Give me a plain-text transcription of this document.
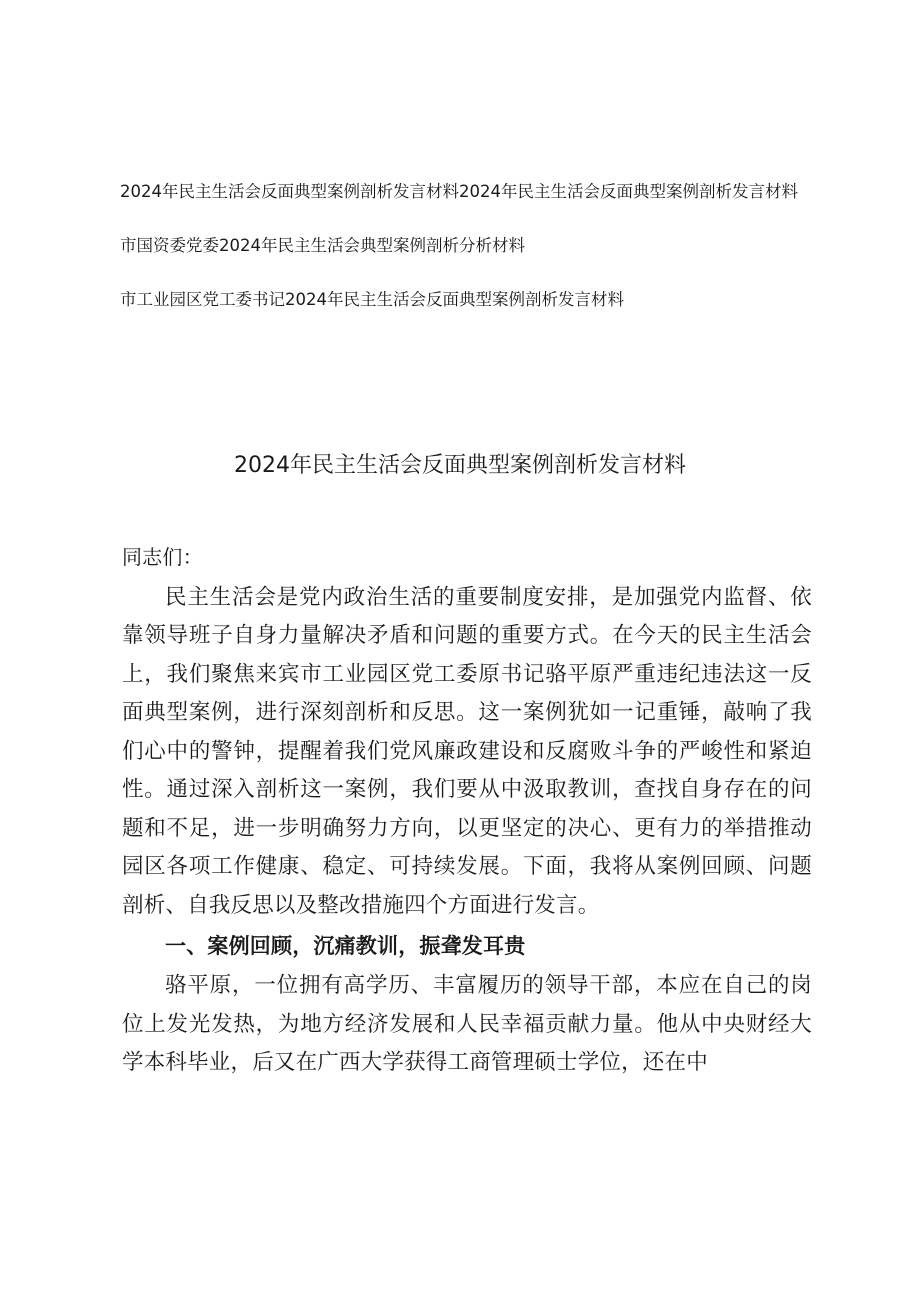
2024年民主生活会反面典型案例剖析发言材料2024年民主生活会反面典型案例剖析发言材料
市国资委党委2024年民主生活会典型案例剖析分析材料
市工业园区党工委书记2024年民主生活会反面典型案例剖析发言材料
2024年民主生活会反面典型案例剖析发言材料

同志们：

民主生活会是党内政治生活的重要制度安排，是加强党内监督、依靠领导班子自身力量解决矛盾和问题的重要方式。在今天的民主生活会上，我们聚焦来宾市工业园区党工委原书记骆平原严重违纪违法这一反面典型案例，进行深刻剖析和反思。这一案例犹如一记重锤，敲响了我们心中的警钟，提醒着我们党风廉政建设和反腐败斗争的严峻性和紧迫性。通过深入剖析这一案例，我们要从中汲取教训，查找自身存在的问题和不足，进一步明确努力方向，以更坚定的决心、更有力的举措推动园区各项工作健康、稳定、可持续发展。下面，我将从案例回顾、问题剖析、自我反思以及整改措施四个方面进行发言。

一、案例回顾，沉痛教训，振聋发耳贵

骆平原，一位拥有高学历、丰富履历的领导干部，本应在自己的岗位上发光发热，为地方经济发展和人民幸福贡献力量。他从中央财经大学本科毕业，后又在广西大学获得工商管理硕士学位，还在中
